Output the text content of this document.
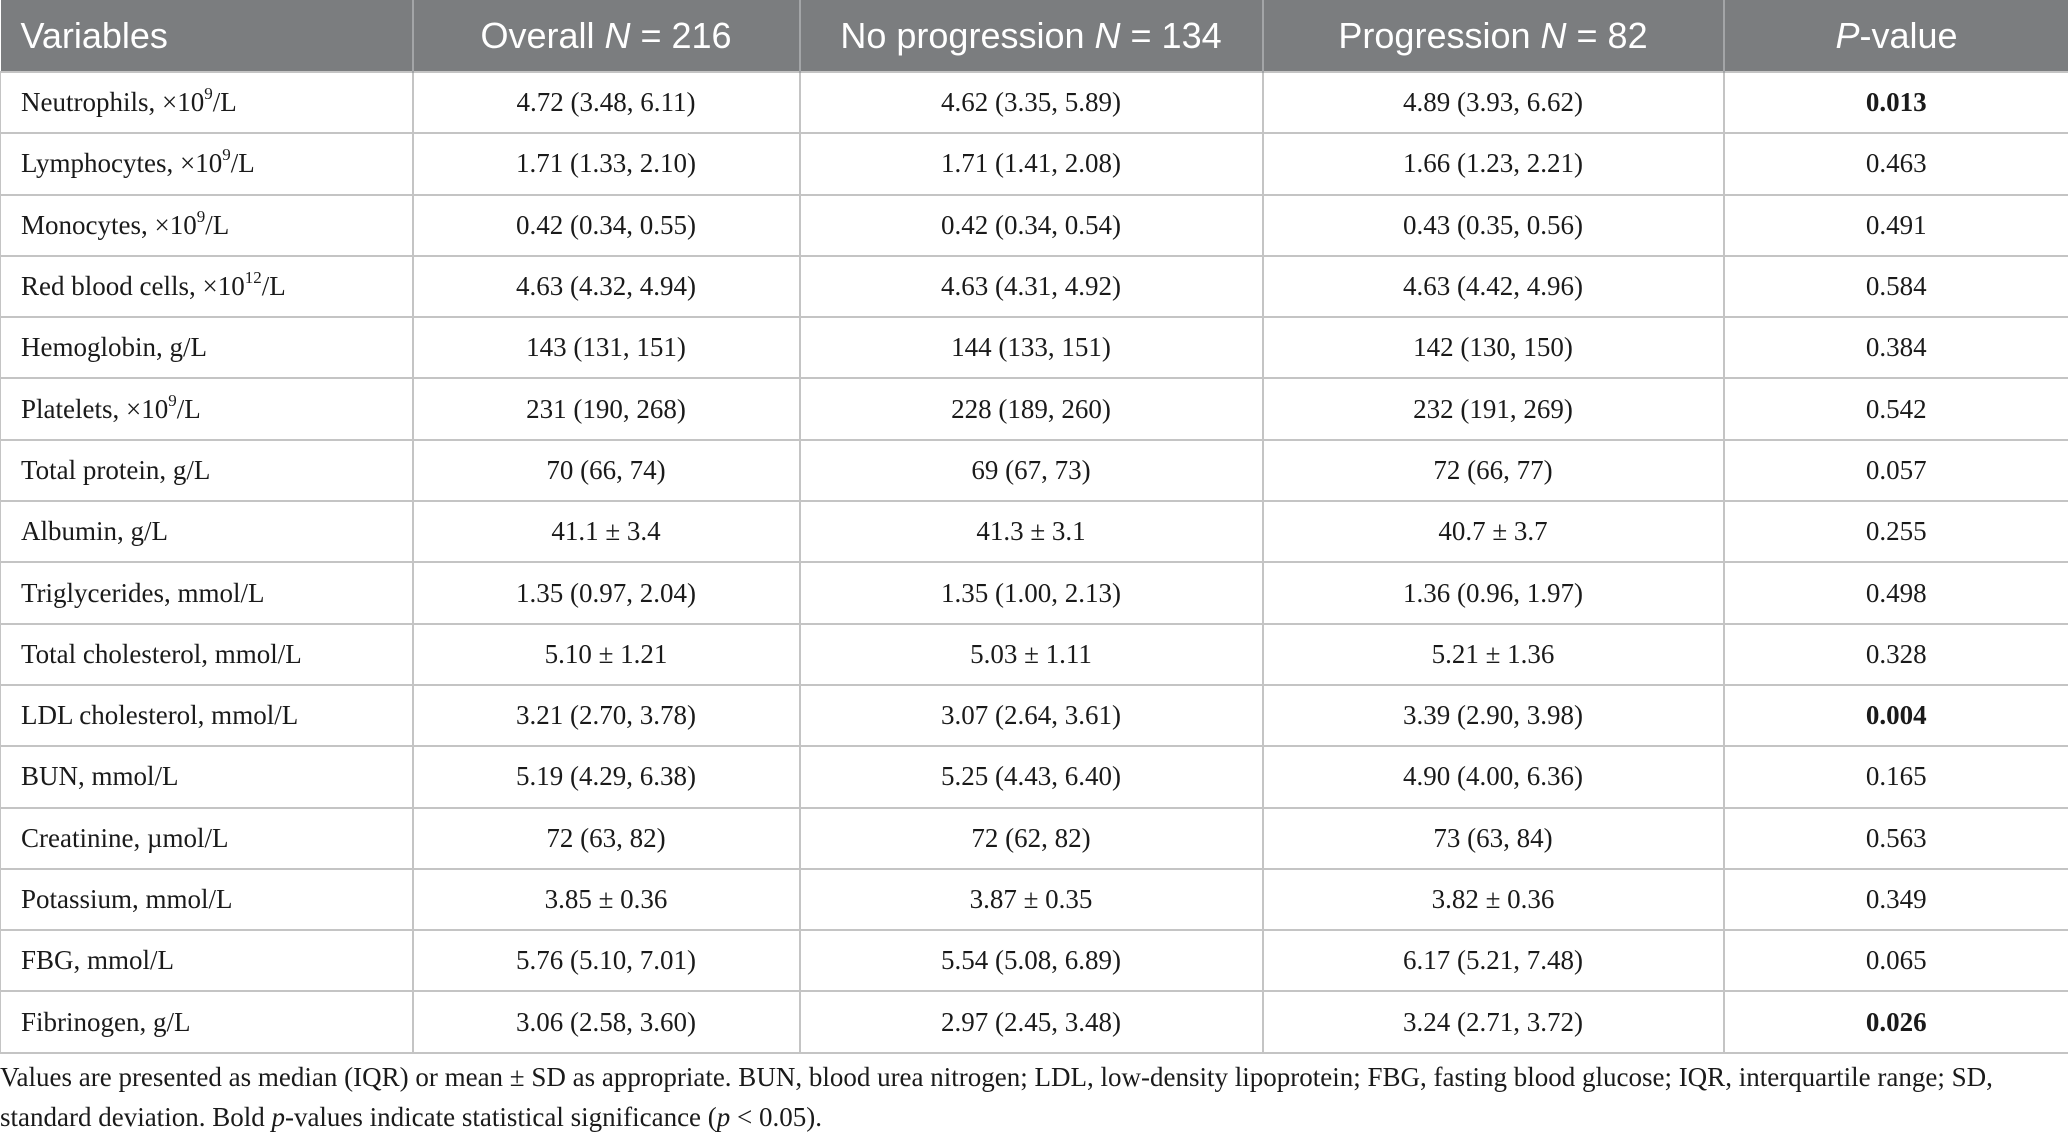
Variables	Overall N = 216	No progression N = 134	Progression N = 82	P-value
Neutrophils, $\times 10^9/L$	4.72 (3.48, 6.11)	4.62 (3.35, 5.89)	4.89 (3.93, 6.62)	0.013
Lymphocytes, $\times 10^9/L$	1.71 (1.33, 2.10)	1.71 (1.41, 2.08)	1.66 (1.23, 2.21)	0.463
Monocytes, $\times 10^9/L$	0.42 (0.34, 0.55)	0.42 (0.34, 0.54)	0.43 (0.35, 0.56)	0.491
Red blood cells, $\times 10^{12}/L$	4.63 (4.32, 4.94)	4.63 (4.31, 4.92)	4.63 (4.42, 4.96)	0.584
Hemoglobin, g/L	143 (131, 151)	144 (133, 151)	142 (130, 150)	0.384
Platelets, $\times 10^9/L$	231 (190, 268)	228 (189, 260)	232 (191, 269)	0.542
Total protein, g/L	70 (66, 74)	69 (67, 73)	72 (66, 77)	0.057
Albumin, g/L	41.1 ± 3.4	41.3 ± 3.1	40.7 ± 3.7	0.255
Triglycerides, mmol/L	1.35 (0.97, 2.04)	1.35 (1.00, 2.13)	1.36 (0.96, 1.97)	0.498
Total cholesterol, mmol/L	5.10 ± 1.21	5.03 ± 1.11	5.21 ± 1.36	0.328
LDL cholesterol, mmol/L	3.21 (2.70, 3.78)	3.07 (2.64, 3.61)	3.39 (2.90, 3.98)	0.004
BUN, mmol/L	5.19 (4.29, 6.38)	5.25 (4.43, 6.40)	4.90 (4.00, 6.36)	0.165
Creatinine, µmol/L	72 (63, 82)	72 (62, 82)	73 (63, 84)	0.563
Potassium, mmol/L	3.85 ± 0.36	3.87 ± 0.35	3.82 ± 0.36	0.349
FBG, mmol/L	5.76 (5.10, 7.01)	5.54 (5.08, 6.89)	6.17 (5.21, 7.48)	0.065
Fibrinogen, g/L	3.06 (2.58, 3.60)	2.97 (2.45, 3.48)	3.24 (2.71, 3.72)	0.026
Values are presented as median (IQR) or mean ± SD as appropriate. BUN, blood urea nitrogen; LDL, low-density lipoprotein; FBG, fasting blood glucose; IQR, interquartile range; SD,
standard deviation. Bold p-values indicate statistical significance (p < 0.05).
